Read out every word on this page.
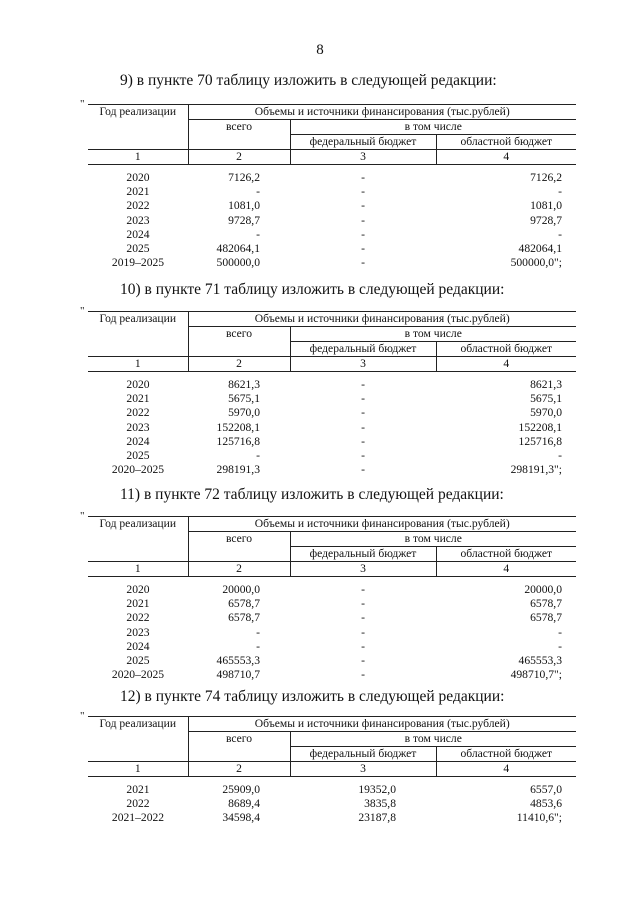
8
9) в пункте 70 таблицу изложить в следующей редакции:
"
Год реализации	Объемы и источники финансирования (тыс.рублей)		
	всего	в том числе	
		федеральный бюджет	областной бюджет
1	2	3	4

2020	7126,2	-	7126,2
2021	-	-	-
2022	1081,0	-	1081,0
2023	9728,7	-	9728,7
2024	-	-	-
2025	482064,1	-	482064,1
2019–2025	500000,0	-	500000,0";
10) в пункте 71 таблицу изложить в следующей редакции:
"
Год реализации	Объемы и источники финансирования (тыс.рублей)		
	всего	в том числе	
		федеральный бюджет	областной бюджет
1	2	3	4

2020	8621,3	-	8621,3
2021	5675,1	-	5675,1
2022	5970,0	-	5970,0
2023	152208,1	-	152208,1
2024	125716,8	-	125716,8
2025	-	-	-
2020–2025	298191,3	-	298191,3";
11) в пункте 72 таблицу изложить в следующей редакции:
"
Год реализации	Объемы и источники финансирования (тыс.рублей)		
	всего	в том числе	
		федеральный бюджет	областной бюджет
1	2	3	4

2020	20000,0	-	20000,0
2021	6578,7	-	6578,7
2022	6578,7	-	6578,7
2023	-	-	-
2024	-	-	-
2025	465553,3	-	465553,3
2020–2025	498710,7	-	498710,7";
12) в пункте 74 таблицу изложить в следующей редакции:
"
Год реализации	Объемы и источники финансирования (тыс.рублей)		
	всего	в том числе	
		федеральный бюджет	областной бюджет
1	2	3	4

2021	25909,0	19352,0	6557,0
2022	8689,4	3835,8	4853,6
2021–2022	34598,4	23187,8	11410,6";
